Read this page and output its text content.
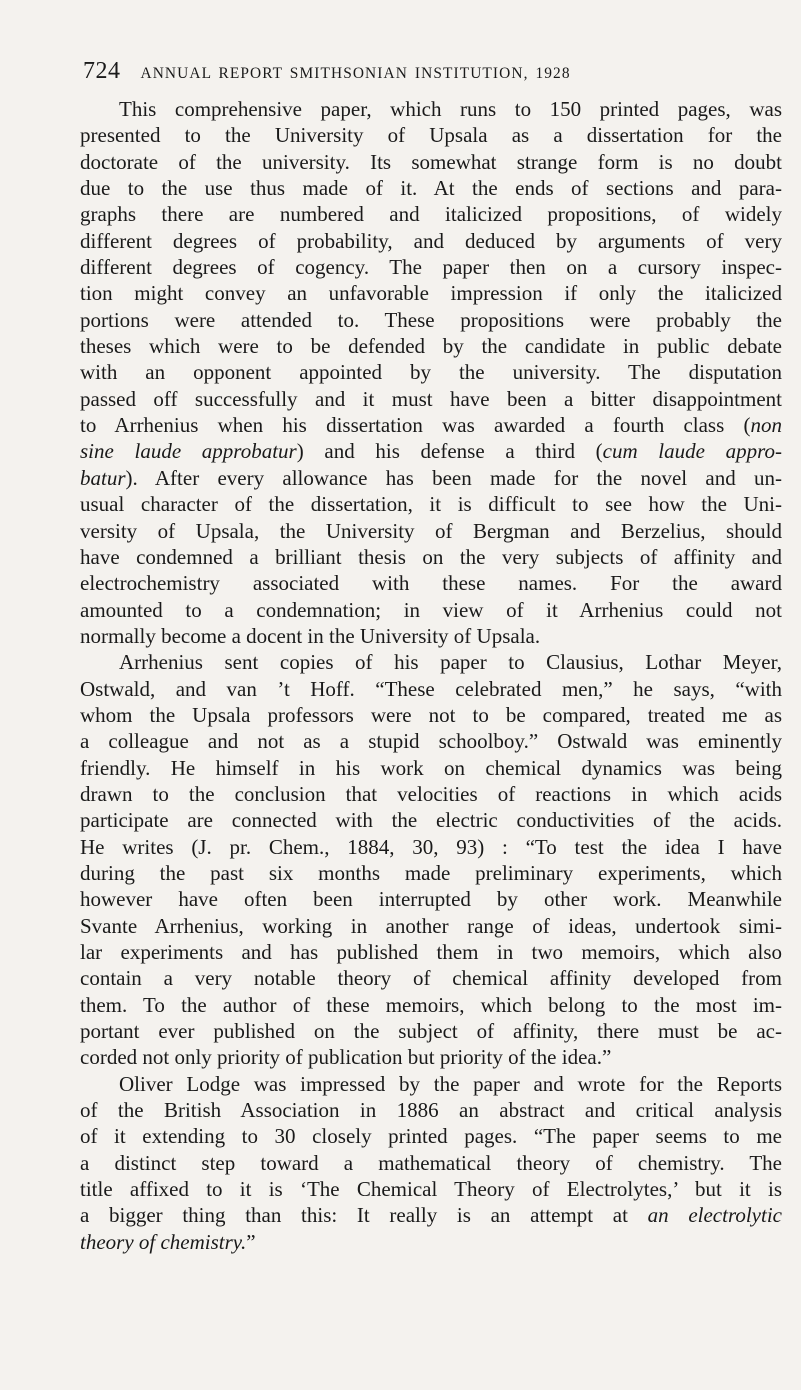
724 ANNUAL REPORT SMITHSONIAN INSTITUTION, 1928
This comprehensive paper, which runs to 150 printed pages, was
presented to the University of Upsala as a dissertation for the
doctorate of the university. Its somewhat strange form is no doubt
due to the use thus made of it. At the ends of sections and para-
graphs there are numbered and italicized propositions, of widely
different degrees of probability, and deduced by arguments of very
different degrees of cogency. The paper then on a cursory inspec-
tion might convey an unfavorable impression if only the italicized
portions were attended to. These propositions were probably the
theses which were to be defended by the candidate in public debate
with an opponent appointed by the university. The disputation
passed off successfully and it must have been a bitter disappointment
to Arrhenius when his dissertation was awarded a fourth class (non
sine laude approbatur) and his defense a third (cum laude appro-
batur). After every allowance has been made for the novel and un-
usual character of the dissertation, it is difficult to see how the Uni-
versity of Upsala, the University of Bergman and Berzelius, should
have condemned a brilliant thesis on the very subjects of affinity and
electrochemistry associated with these names. For the award
amounted to a condemnation; in view of it Arrhenius could not
normally become a docent in the University of Upsala.
Arrhenius sent copies of his paper to Clausius, Lothar Meyer,
Ostwald, and van ’t Hoff. “These celebrated men,” he says, “with
whom the Upsala professors were not to be compared, treated me as
a colleague and not as a stupid schoolboy.” Ostwald was eminently
friendly. He himself in his work on chemical dynamics was being
drawn to the conclusion that velocities of reactions in which acids
participate are connected with the electric conductivities of the acids.
He writes (J. pr. Chem., 1884, 30, 93) : “To test the idea I have
during the past six months made preliminary experiments, which
however have often been interrupted by other work. Meanwhile
Svante Arrhenius, working in another range of ideas, undertook simi-
lar experiments and has published them in two memoirs, which also
contain a very notable theory of chemical affinity developed from
them. To the author of these memoirs, which belong to the most im-
portant ever published on the subject of affinity, there must be ac-
corded not only priority of publication but priority of the idea.”
Oliver Lodge was impressed by the paper and wrote for the Reports
of the British Association in 1886 an abstract and critical analysis
of it extending to 30 closely printed pages. “The paper seems to me
a distinct step toward a mathematical theory of chemistry. The
title affixed to it is ‘The Chemical Theory of Electrolytes,’ but it is
a bigger thing than this: It really is an attempt at an electrolytic
theory of chemistry.”
